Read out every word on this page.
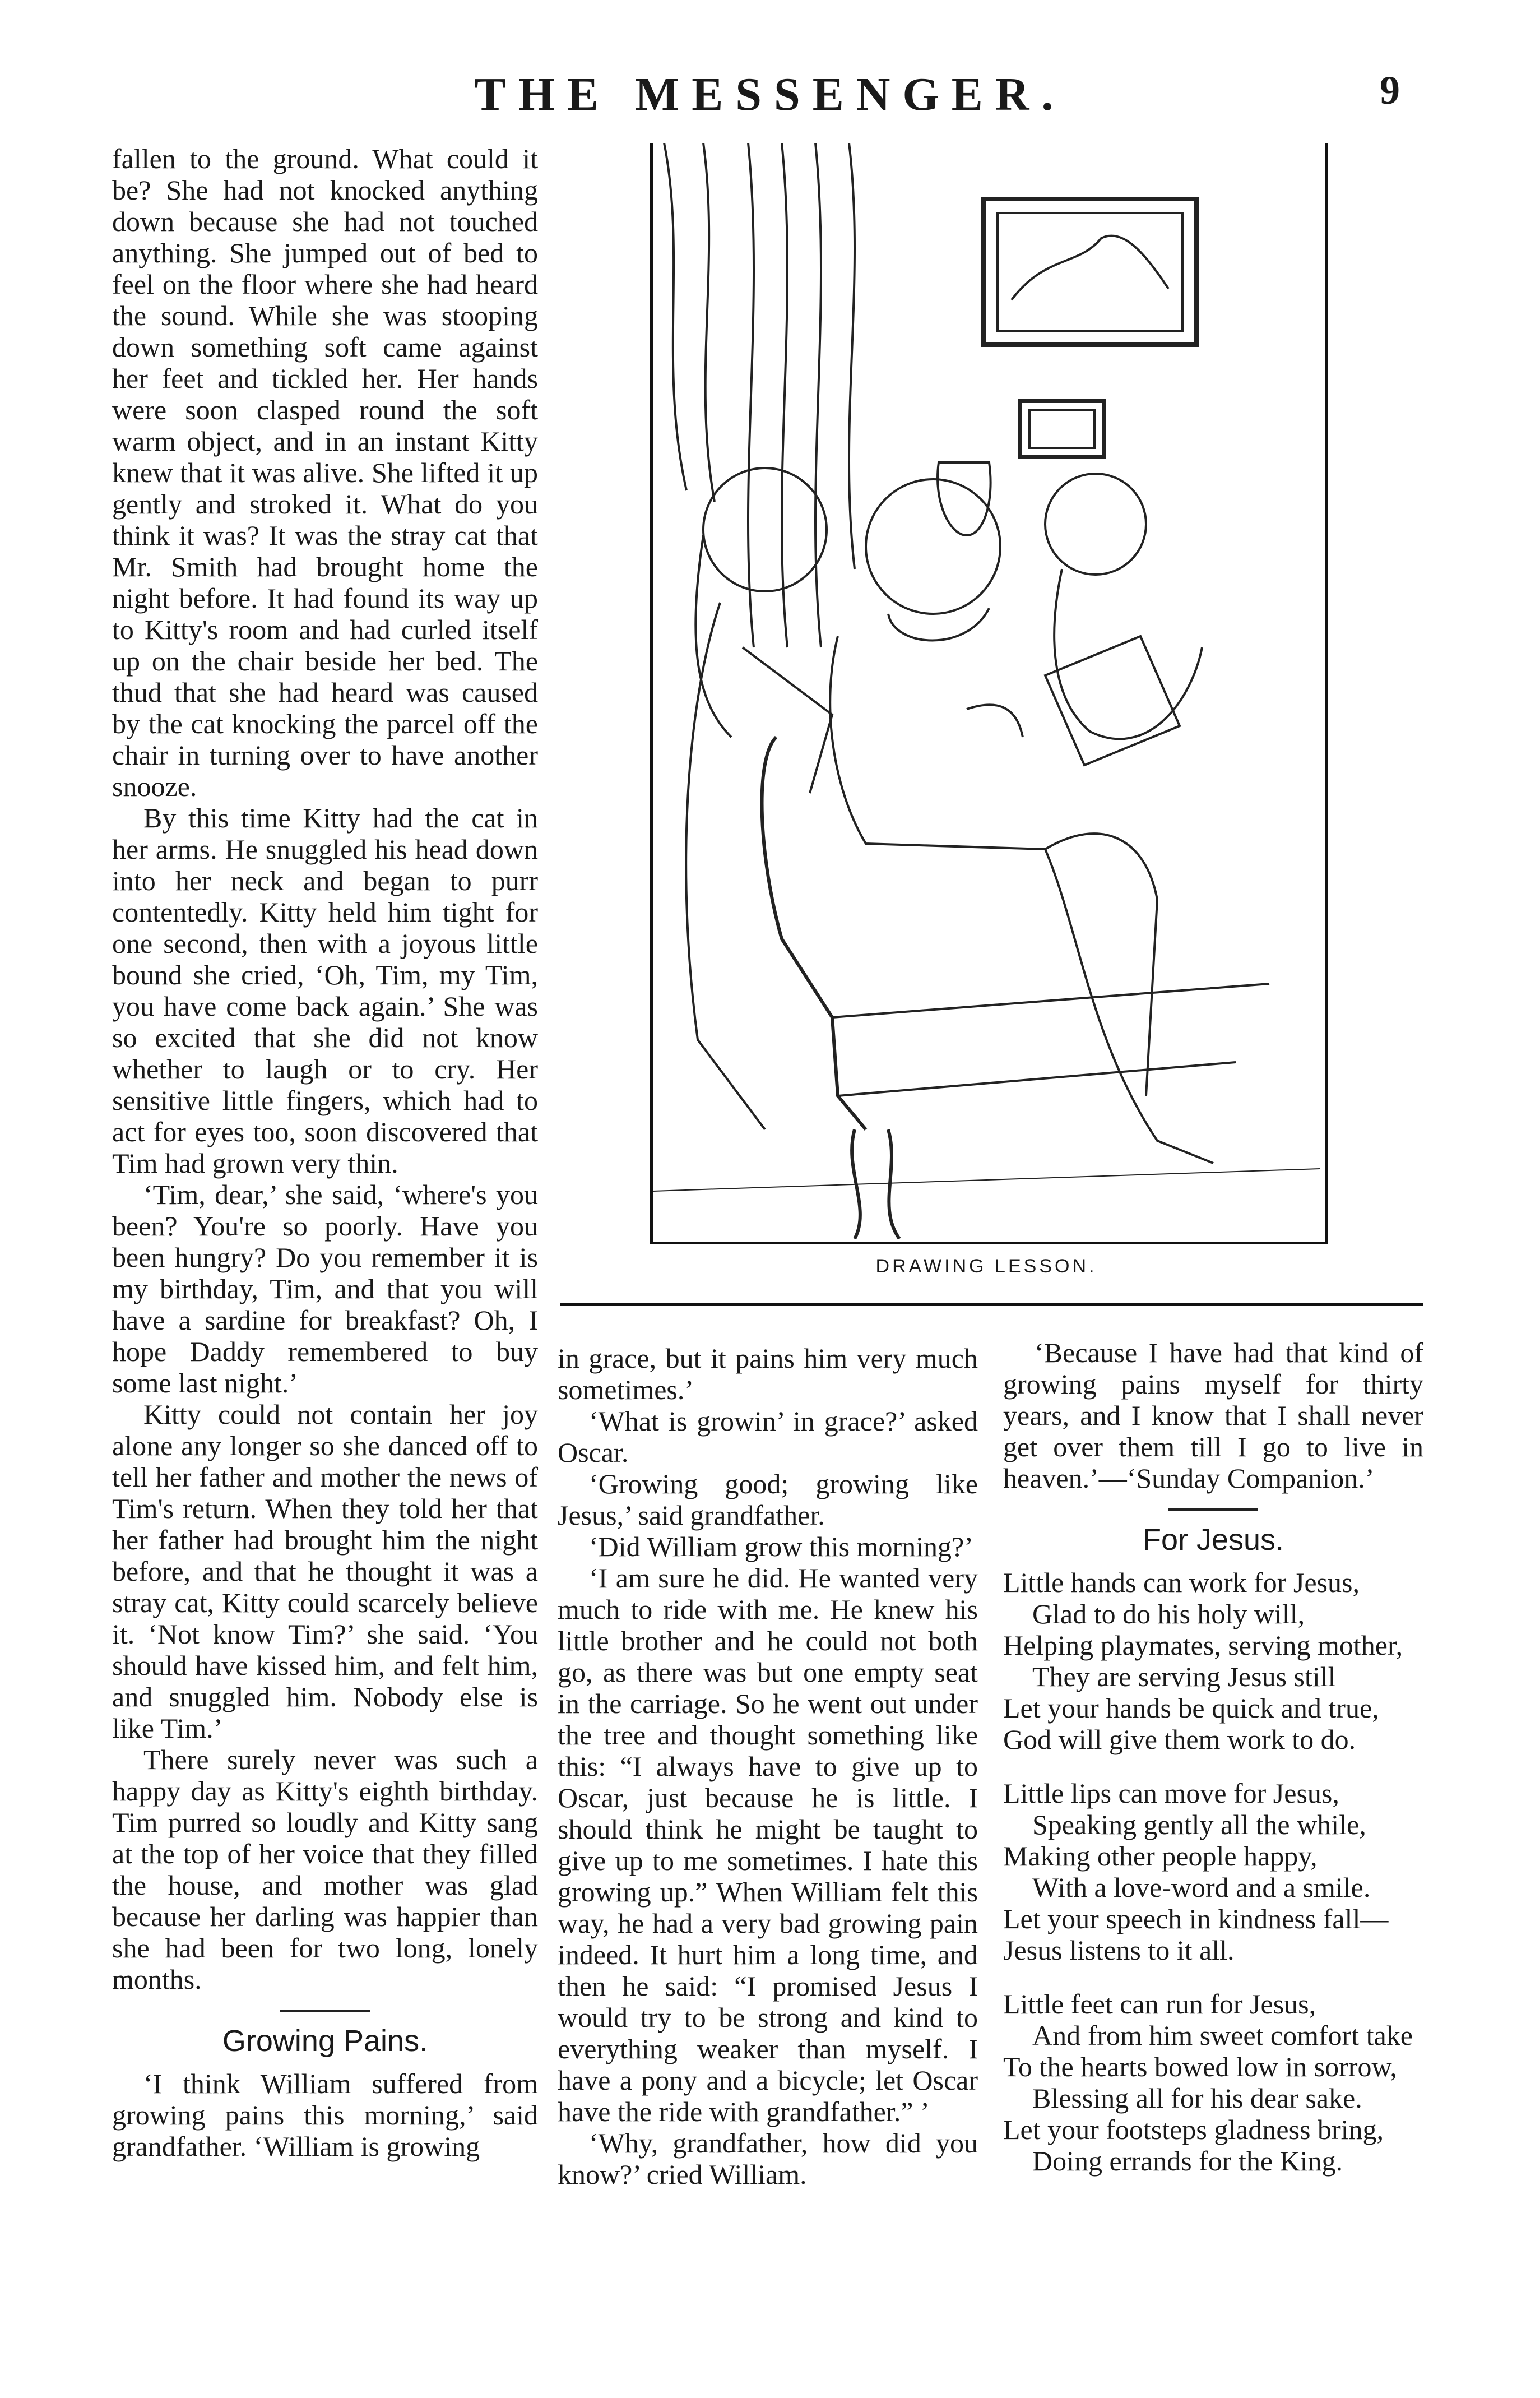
THE MESSENGER.	9

fallen to the ground. What could it be? She had not knocked anything down because she had not touched anything. She jumped out of bed to feel on the floor where she had heard the sound. While she was stooping down something soft came against her feet and tickled her. Her hands were soon clasped round the soft warm object, and in an instant Kitty knew that it was alive. She lifted it up gently and stroked it. What do you think it was? It was the stray cat that Mr. Smith had brought home the night before. It had found its way up to Kitty's room and had curled itself up on the chair beside her bed. The thud that she had heard was caused by the cat knocking the parcel off the chair in turning over to have another snooze.

By this time Kitty had the cat in her arms. He snuggled his head down into her neck and began to purr contentedly. Kitty held him tight for one second, then with a joyous little bound she cried, ‘Oh, Tim, my Tim, you have come back again.’ She was so excited that she did not know whether to laugh or to cry. Her sensitive little fingers, which had to act for eyes too, soon discovered that Tim had grown very thin.

‘Tim, dear,’ she said, ‘where's you been? You're so poorly. Have you been hungry? Do you remember it is my birthday, Tim, and that you will have a sardine for breakfast? Oh, I hope Daddy remembered to buy some last night.’

Kitty could not contain her joy alone any longer so she danced off to tell her father and mother the news of Tim's return. When they told her that her father had brought him the night before, and that he thought it was a stray cat, Kitty could scarcely believe it. ‘Not know Tim?’ she said. ‘You should have kissed him, and felt him, and snuggled him. Nobody else is like Tim.’

There surely never was such a happy day as Kitty's eighth birthday. Tim purred so loudly and Kitty sang at the top of her voice that they filled the house, and mother was glad because her darling was happier than she had been for two long, lonely months.

Growing Pains.

‘I think William suffered from growing pains this morning,’ said grandfather. ‘William is growing

DRAWING LESSON.

in grace, but it pains him very much sometimes.’

‘What is growin’ in grace?’ asked Oscar.

‘Growing good; growing like Jesus,’ said grandfather.

‘Did William grow this morning?’

‘I am sure he did. He wanted very much to ride with me. He knew his little brother and he could not both go, as there was but one empty seat in the carriage. So he went out under the tree and thought something like this: “I always have to give up to Oscar, just because he is little. I should think he might be taught to give up to me sometimes. I hate this growing up.” When William felt this way, he had a very bad growing pain indeed. It hurt him a long time, and then he said: “I promised Jesus I would try to be strong and kind to everything weaker than myself. I have a pony and a bicycle; let Oscar have the ride with grandfather.” ’

‘Why, grandfather, how did you know?’ cried William.

‘Because I have had that kind of growing pains myself for thirty years, and I know that I shall never get over them till I go to live in heaven.’—‘Sunday Companion.’

For Jesus.
Little hands can work for Jesus,
Glad to do his holy will,
Helping playmates, serving mother,
They are serving Jesus still
Let your hands be quick and true,
God will give them work to do.
Little lips can move for Jesus,
Speaking gently all the while,
Making other people happy,
With a love-word and a smile.
Let your speech in kindness fall—
Jesus listens to it all.
Little feet can run for Jesus,
And from him sweet comfort take
To the hearts bowed low in sorrow,
Blessing all for his dear sake.
Let your footsteps gladness bring,
Doing errands for the King.
